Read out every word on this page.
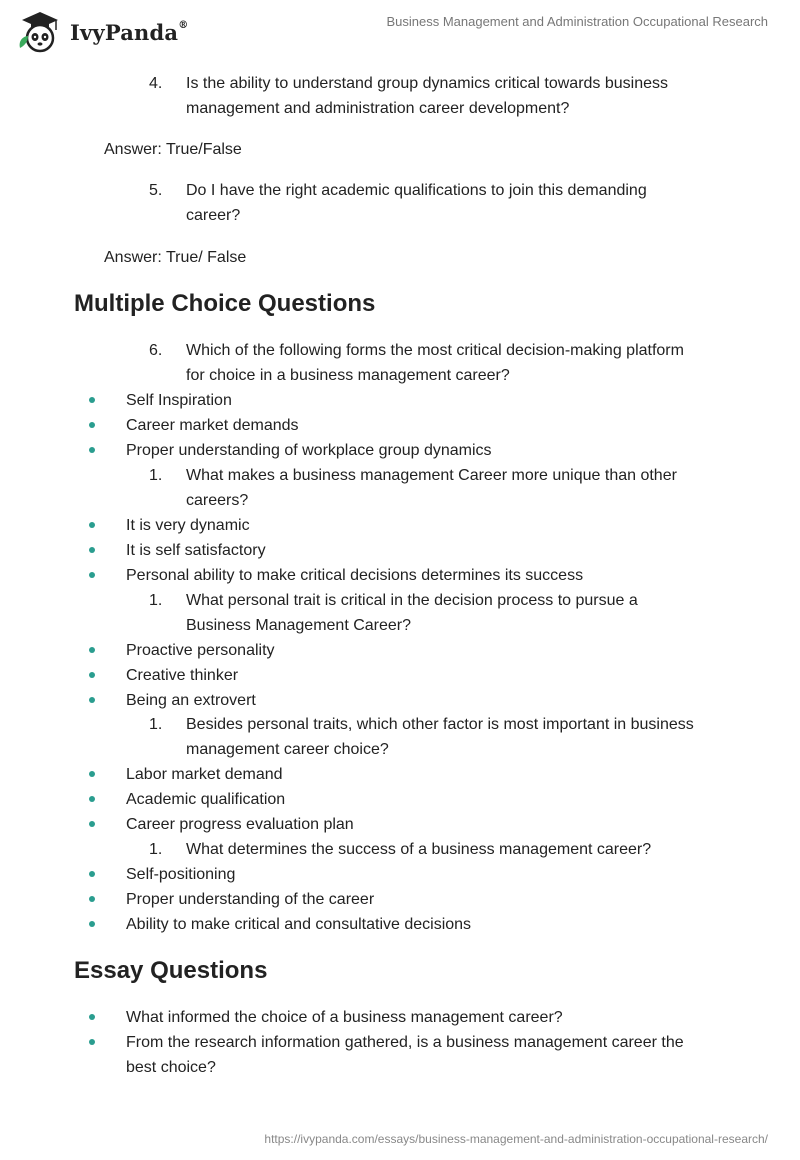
IvyPanda®	Business Management and Administration Occupational Research
4. Is the ability to understand group dynamics critical towards business
management and administration career development?
Answer: True/False
5. Do I have the right academic qualifications to join this demanding
career?
Answer: True/ False
Multiple Choice Questions
6. Which of the following forms the most critical decision-making platform
for choice in a business management career?
Self Inspiration
Career market demands
Proper understanding of workplace group dynamics
1. What makes a business management Career more unique than other
careers?
It is very dynamic
It is self satisfactory
Personal ability to make critical decisions determines its success
1. What personal trait is critical in the decision process to pursue a
Business Management Career?
Proactive personality
Creative thinker
Being an extrovert
1. Besides personal traits, which other factor is most important in business
management career choice?
Labor market demand
Academic qualification
Career progress evaluation plan
1. What determines the success of a business management career?
Self-positioning
Proper understanding of the career
Ability to make critical and consultative decisions
Essay Questions
What informed the choice of a business management career?
From the research information gathered, is a business management career the
best choice?
https://ivypanda.com/essays/business-management-and-administration-occupational-research/
